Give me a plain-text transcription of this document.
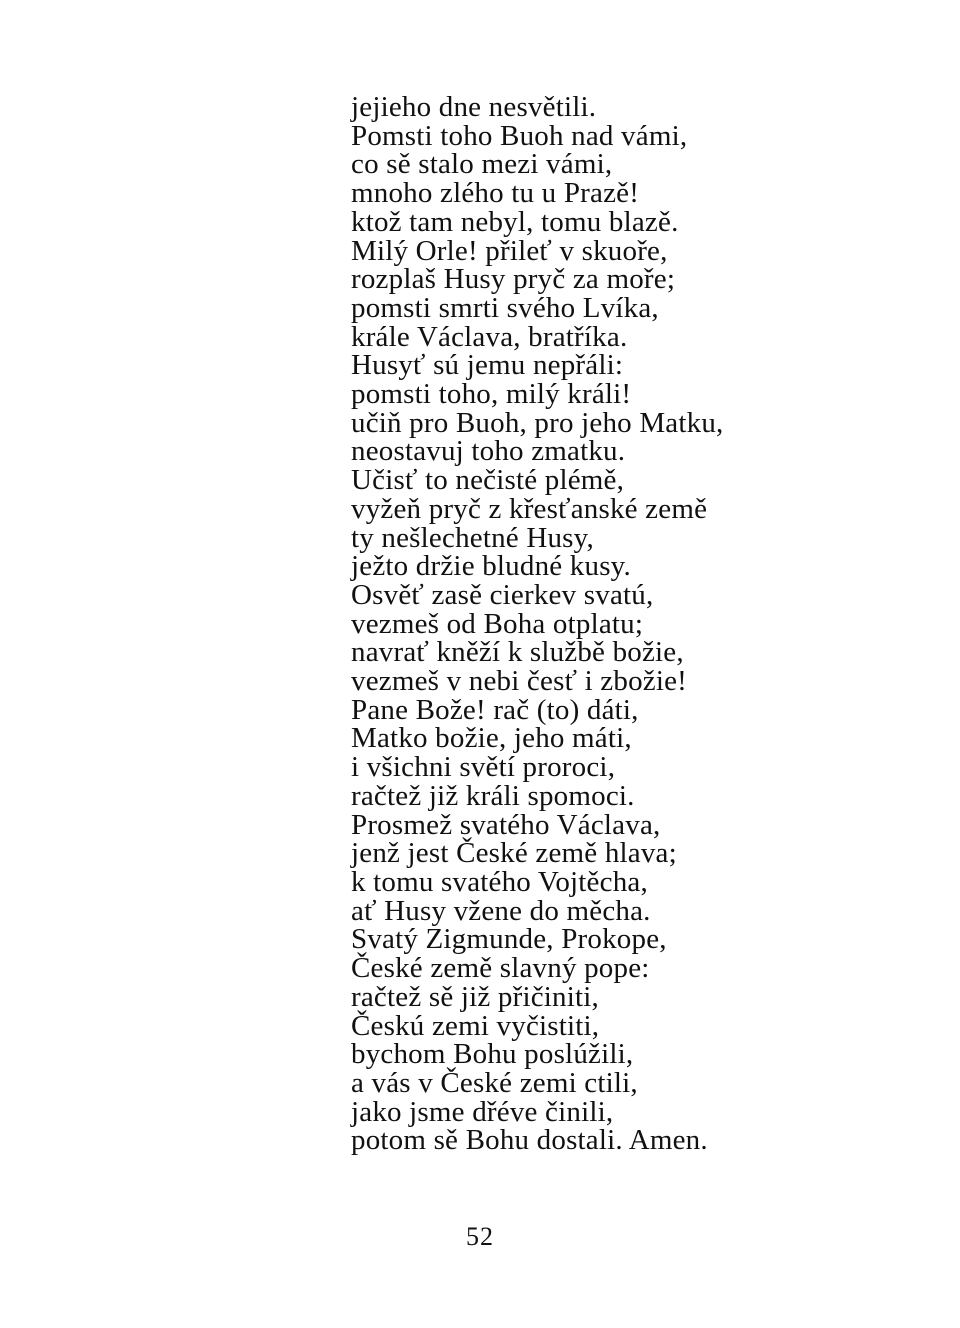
jejieho dne nesvětili.
Pomsti toho Buoh nad vámi,
co sě stalo mezi vámi,
mnoho zlého tu u Prazě!
ktož tam nebyl, tomu blazě.
Milý Orle! přileť v skuoře,
rozplaš Husy pryč za moře;
pomsti smrti svého Lvíka,
krále Václava, bratříka.
Husyť sú jemu nepřáli:
pomsti toho, milý králi!
učiň pro Buoh, pro jeho Matku,
neostavuj toho zmatku.
Učisť to nečisté plémě,
vyžeň pryč z křesťanské země
ty nešlechetné Husy,
ježto držie bludné kusy.
Osvěť zasě cierkev svatú,
vezmeš od Boha otplatu;
navrať kněží k službě božie,
vezmeš v nebi česť i zbožie!
Pane Bože! rač (to) dáti,
Matko božie, jeho máti,
i všichni světí proroci,
račtež již králi spomoci.
Prosmež svatého Václava,
jenž jest České země hlava;
k tomu svatého Vojtěcha,
ať Husy vžene do měcha.
Svatý Zigmunde, Prokope,
České země slavný pope:
račtež sě již přičiniti,
Českú zemi vyčistiti,
bychom Bohu poslúžili,
a vás v České zemi ctili,
jako jsme dřéve činili,
potom sě Bohu dostali. Amen.
52
